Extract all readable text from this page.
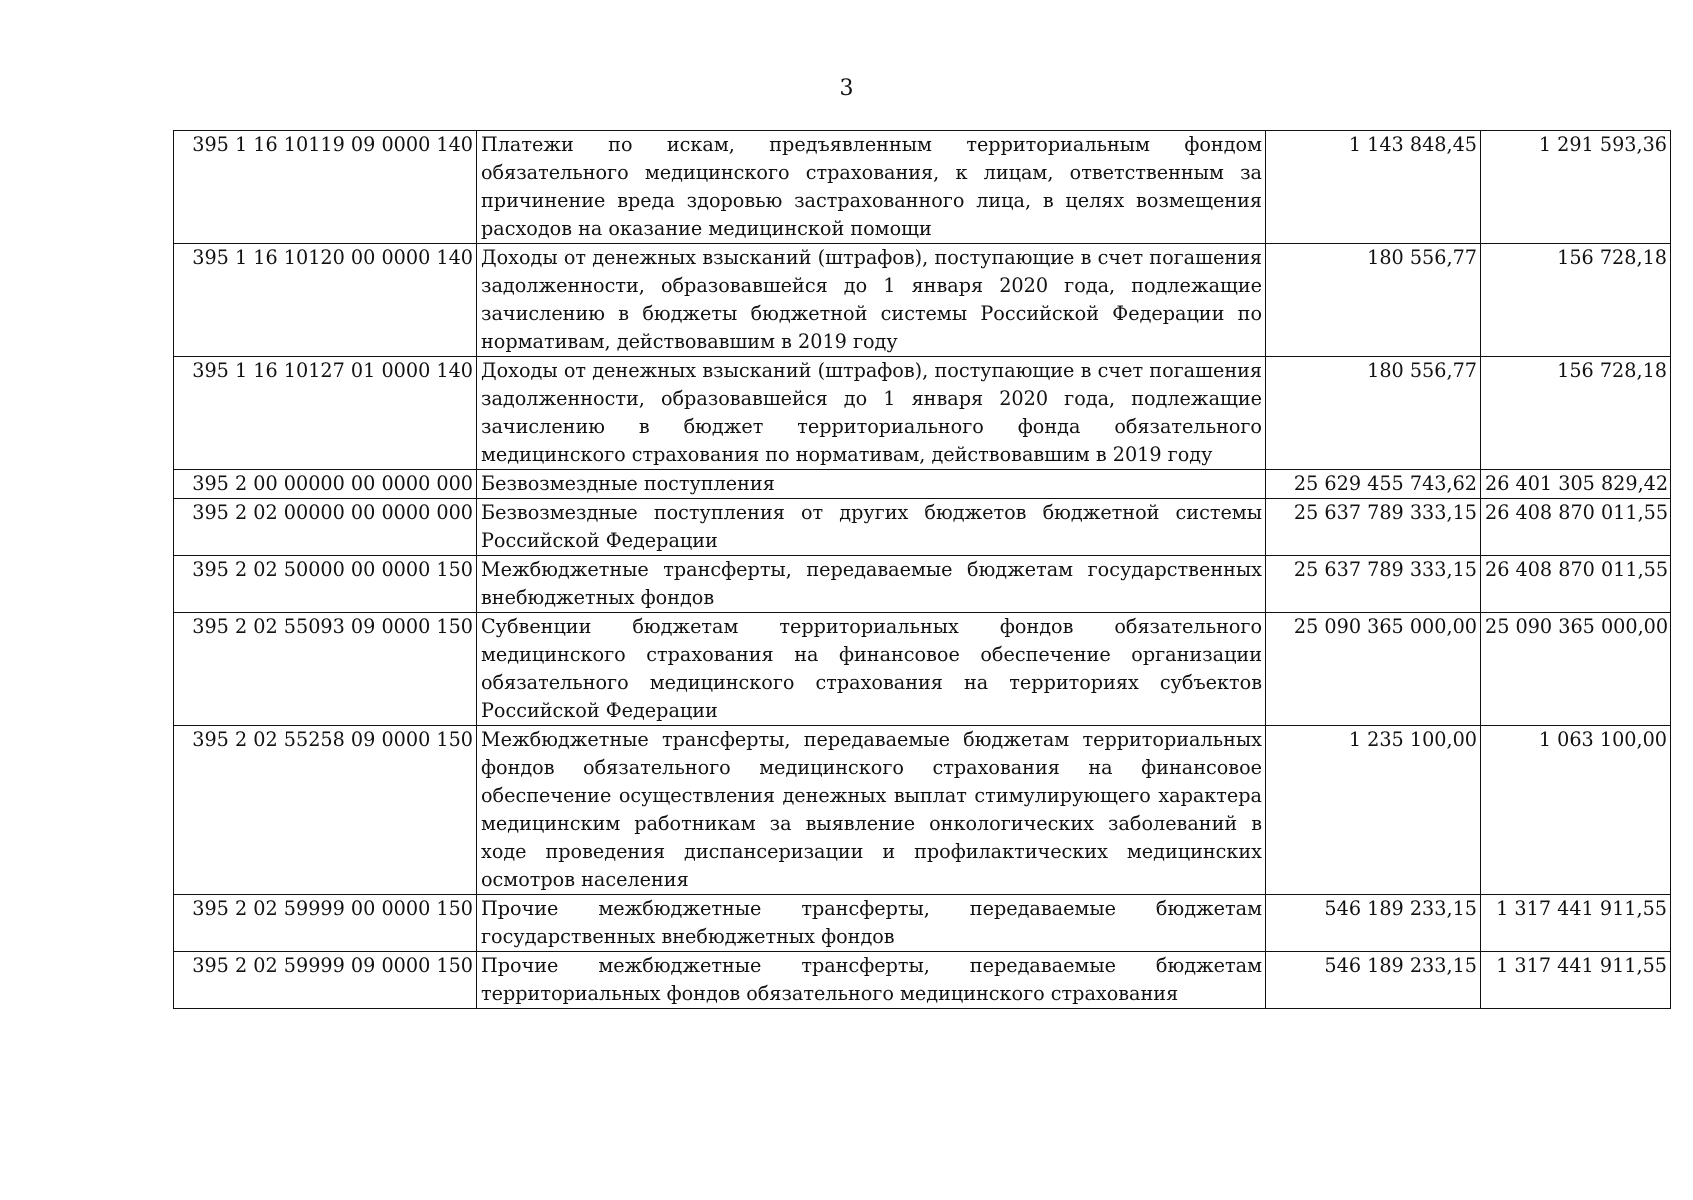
3
395 1 16 10119 09 0000 140	Платежи по искам, предъявленным территориальным фондом обязательного медицинского страхования, к лицам, ответственным за причинение вреда здоровью застрахованного лица, в целях возмещения расходов на оказание медицинской помощи	1 143 848,45	1 291 593,36
395 1 16 10120 00 0000 140	Доходы от денежных взысканий (штрафов), поступающие в счет погашения задолженности, образовавшейся до 1 января 2020 года, подлежащие зачислению в бюджеты бюджетной системы Российской Федерации по нормативам, действовавшим в 2019 году	180 556,77	156 728,18
395 1 16 10127 01 0000 140	Доходы от денежных взысканий (штрафов), поступающие в счет погашения задолженности, образовавшейся до 1 января 2020 года, подлежащие зачислению в бюджет территориального фонда обязательного медицинского страхования по нормативам, действовавшим в 2019 году	180 556,77	156 728,18
395 2 00 00000 00 0000 000	Безвозмездные поступления	25 629 455 743,62	26 401 305 829,42
395 2 02 00000 00 0000 000	Безвозмездные поступления от других бюджетов бюджетной системы Российской Федерации	25 637 789 333,15	26 408 870 011,55
395 2 02 50000 00 0000 150	Межбюджетные трансферты, передаваемые бюджетам государственных внебюджетных фондов	25 637 789 333,15	26 408 870 011,55
395 2 02 55093 09 0000 150	Субвенции бюджетам территориальных фондов обязательного медицинского страхования на финансовое обеспечение организации обязательного медицинского страхования на территориях субъектов Российской Федерации	25 090 365 000,00	25 090 365 000,00
395 2 02 55258 09 0000 150	Межбюджетные трансферты, передаваемые бюджетам территориальных фондов обязательного медицинского страхования на финансовое обеспечение осуществления денежных выплат стимулирующего характера медицинским работникам за выявление онкологических заболеваний в ходе проведения диспансеризации и профилактических медицинских осмотров населения	1 235 100,00	1 063 100,00
395 2 02 59999 00 0000 150	Прочие межбюджетные трансферты, передаваемые бюджетам государственных внебюджетных фондов	546 189 233,15	1 317 441 911,55
395 2 02 59999 09 0000 150	Прочие межбюджетные трансферты, передаваемые бюджетам территориальных фондов обязательного медицинского страхования	546 189 233,15	1 317 441 911,55
